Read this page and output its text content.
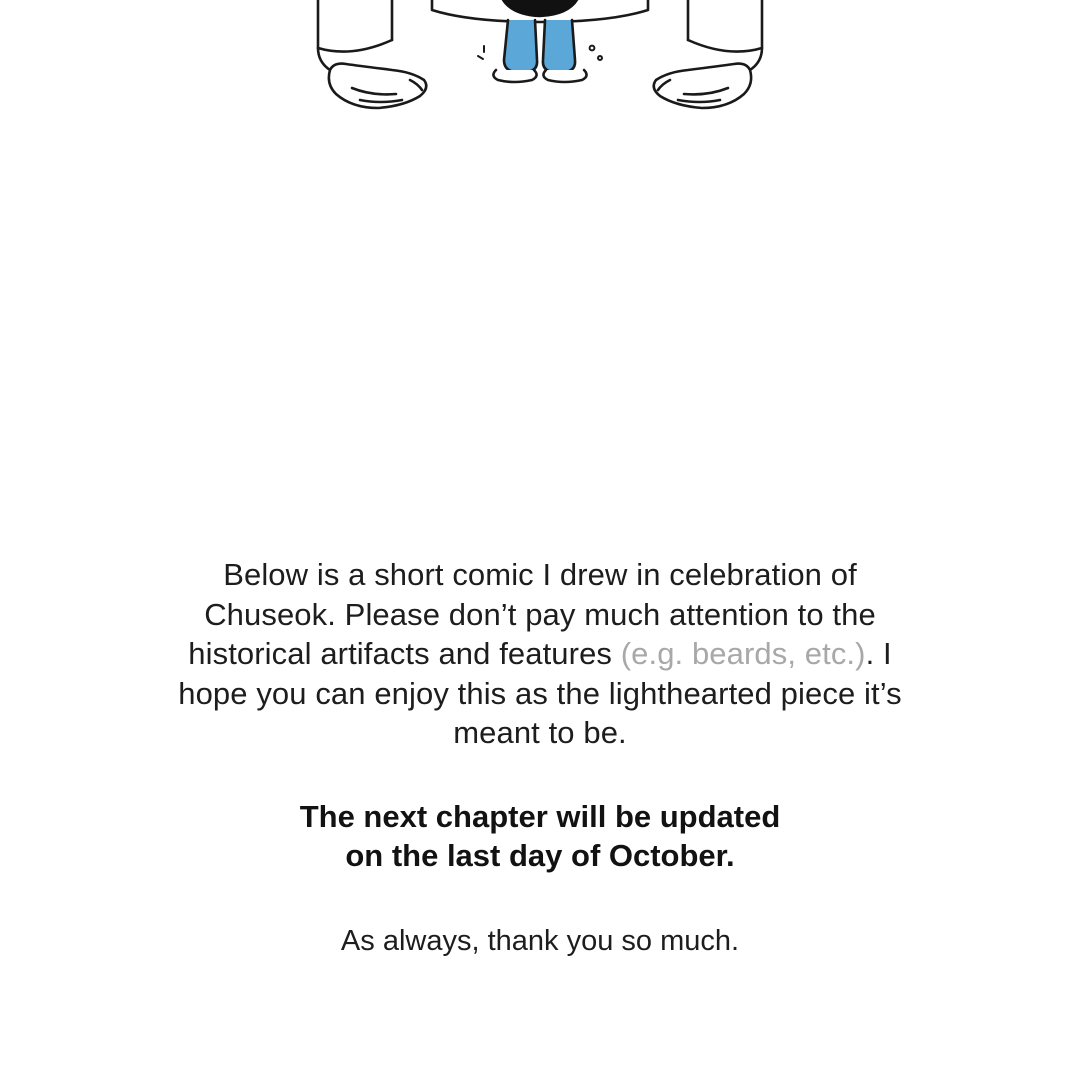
Below is a short comic I drew in celebration of Chuseok. Please don’t pay much attention to the historical artifacts and features (e.g. beards, etc.). I hope you can enjoy this as the lighthearted piece it’s meant to be.

The next chapter will be updated
on the last day of October.

As always, thank you so much.
